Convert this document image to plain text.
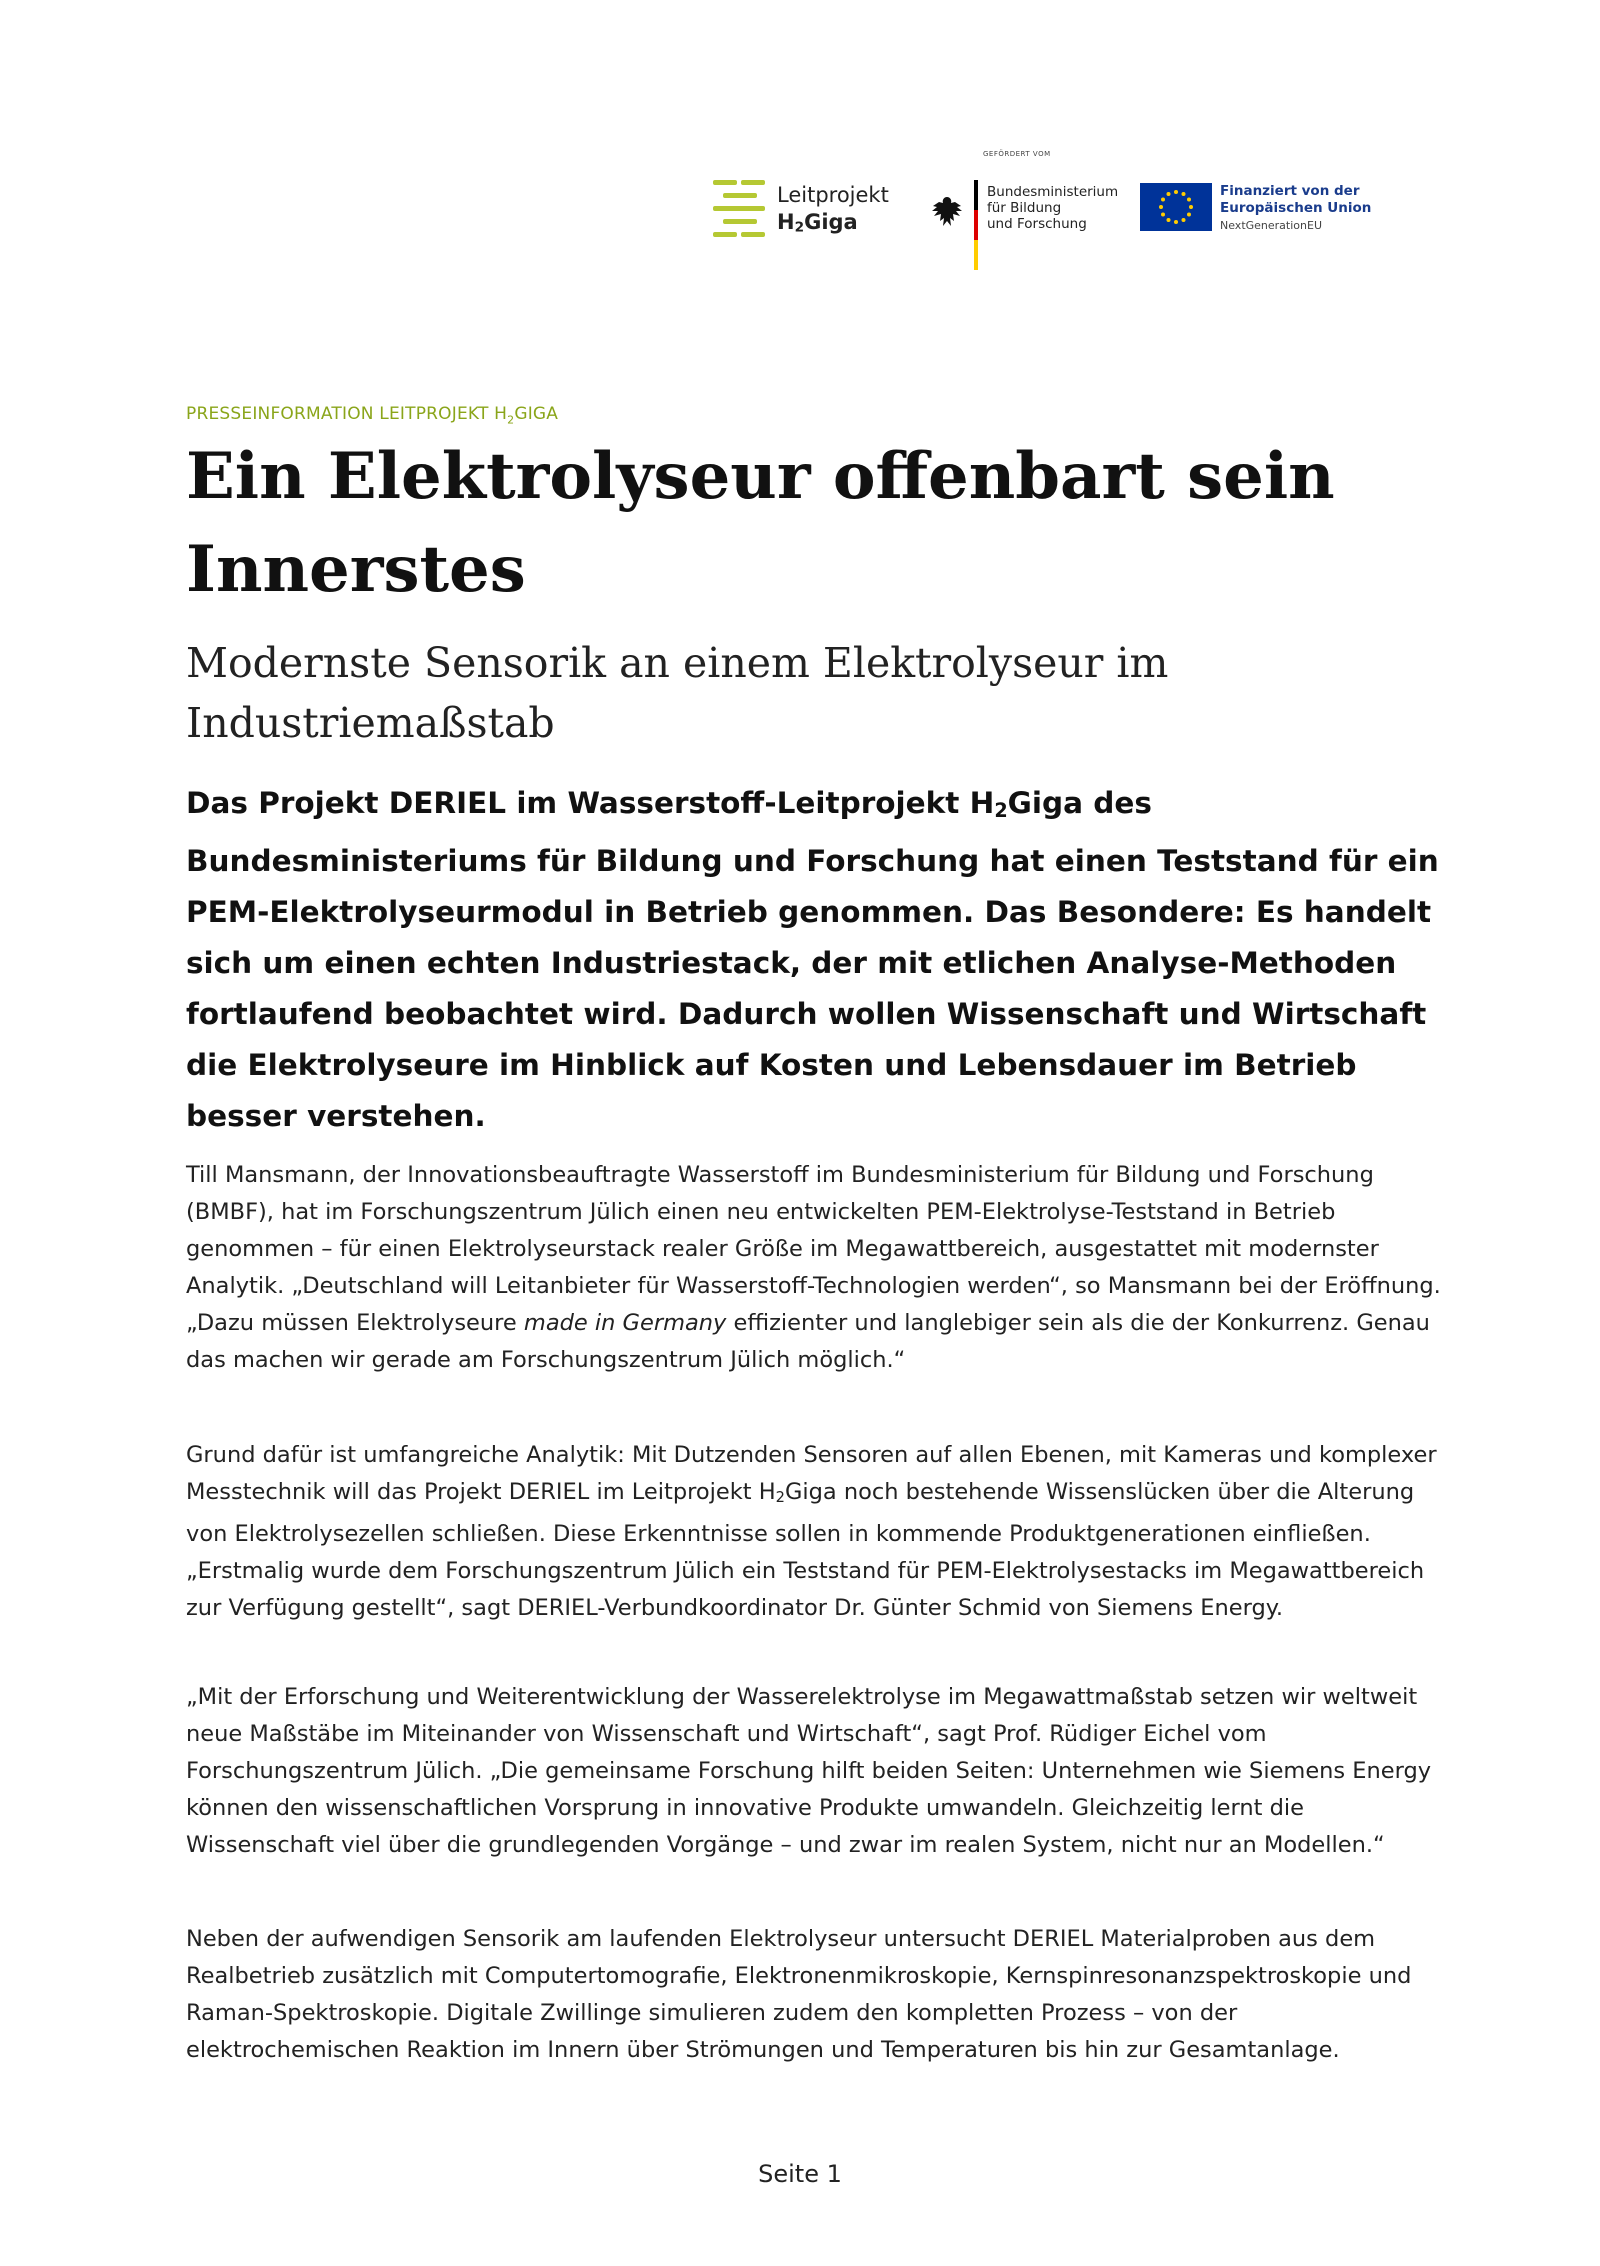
Leitprojekt
$H_2Giga$
GEFÖRDERT VOM
Bundesministerium
für Bildung
und Forschung
Finanziert von der
Europäischen Union
NextGenerationEU
PRESSEINFORMATION LEITPROJEKT $H_2GIGA$
Ein Elektrolyseur offenbart sein Innerstes

Modernste Sensorik an einem Elektrolyseur im Industriemaßstab

Das Projekt DERIEL im Wasserstoff-Leitprojekt $H_2Giga$ des Bundesministeriums für Bildung und Forschung hat einen Teststand für ein PEM-Elektrolyseurmodul in Betrieb genommen. Das Besondere: Es handelt sich um einen echten Industriestack, der mit etlichen Analyse-Methoden fortlaufend beobachtet wird. Dadurch wollen Wissenschaft und Wirtschaft die Elektrolyseure im Hinblick auf Kosten und Lebensdauer im Betrieb besser verstehen.

Till Mansmann, der Innovationsbeauftragte Wasserstoff im Bundesministerium für Bildung und Forschung (BMBF), hat im Forschungszentrum Jülich einen neu entwickelten PEM-Elektrolyse-Teststand in Betrieb genommen – für einen Elektrolyseurstack realer Größe im Megawattbereich, ausgestattet mit modernster Analytik. „Deutschland will Leitanbieter für Wasserstoff-Technologien werden“, so Mansmann bei der Eröffnung. „Dazu müssen Elektrolyseure made in Germany effizienter und langlebiger sein als die der Konkurrenz. Genau das machen wir gerade am Forschungszentrum Jülich möglich.“

Grund dafür ist umfangreiche Analytik: Mit Dutzenden Sensoren auf allen Ebenen, mit Kameras und komplexer Messtechnik will das Projekt DERIEL im Leitprojekt $H_2Giga$ noch bestehende Wissenslücken über die Alterung von Elektrolysezellen schließen. Diese Erkenntnisse sollen in kommende Produktgenerationen einfließen. „Erstmalig wurde dem Forschungszentrum Jülich ein Teststand für PEM-Elektrolysestacks im Megawattbereich zur Verfügung gestellt“, sagt DERIEL-Verbundkoordinator Dr. Günter Schmid von Siemens Energy.

„Mit der Erforschung und Weiterentwicklung der Wasserelektrolyse im Megawattmaßstab setzen wir weltweit neue Maßstäbe im Miteinander von Wissenschaft und Wirtschaft“, sagt Prof. Rüdiger Eichel vom Forschungszentrum Jülich. „Die gemeinsame Forschung hilft beiden Seiten: Unternehmen wie Siemens Energy können den wissenschaftlichen Vorsprung in innovative Produkte umwandeln. Gleichzeitig lernt die Wissenschaft viel über die grundlegenden Vorgänge – und zwar im realen System, nicht nur an Modellen.“

Neben der aufwendigen Sensorik am laufenden Elektrolyseur untersucht DERIEL Materialproben aus dem Realbetrieb zusätzlich mit Computertomografie, Elektronenmikroskopie, Kernspinresonanzspektroskopie und Raman-Spektroskopie. Digitale Zwillinge simulieren zudem den kompletten Prozess – von der elektrochemischen Reaktion im Innern über Strömungen und Temperaturen bis hin zur Gesamtanlage.

Seite 1
